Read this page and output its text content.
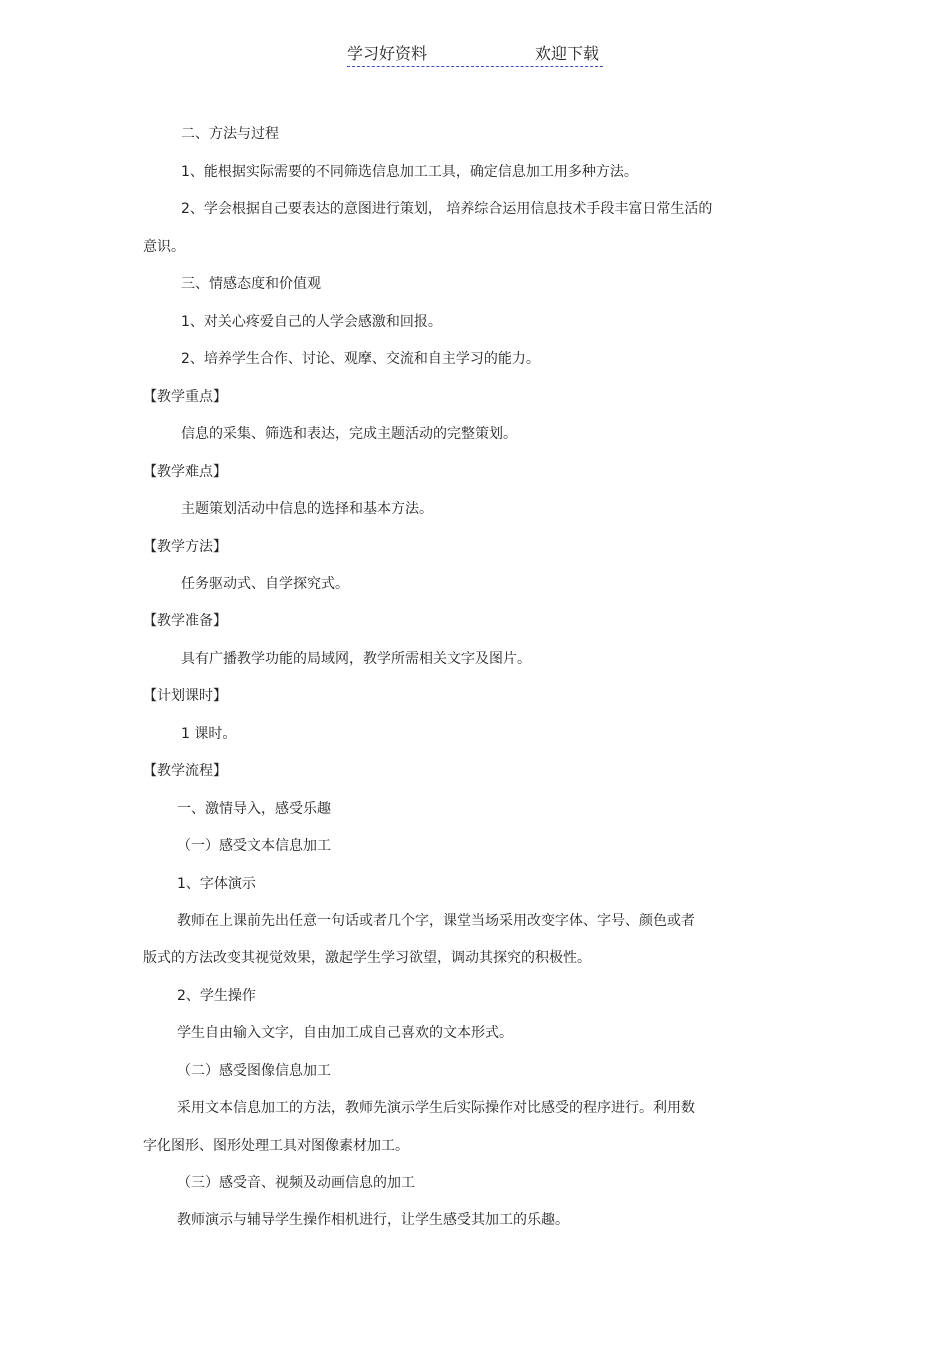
学习好资料	欢迎下载
二、方法与过程
1、能根据实际需要的不同筛选信息加工工具，确定信息加工用多种方法。
2、学会根据自己要表达的意图进行策划， 培养综合运用信息技术手段丰富日常生活的
意识。
三、情感态度和价值观
1、对关心疼爱自己的人学会感激和回报。
2、培养学生合作、讨论、观摩、交流和自主学习的能力。
【教学重点】
信息的采集、筛选和表达，完成主题活动的完整策划。
【教学难点】
主题策划活动中信息的选择和基本方法。
【教学方法】
任务驱动式、自学探究式。
【教学准备】
具有广播教学功能的局域网，教学所需相关文字及图片。
【计划课时】
1 课时。
【教学流程】
一、激情导入，感受乐趣
（一）感受文本信息加工
1、字体演示
教师在上课前先出任意一句话或者几个字，课堂当场采用改变字体、字号、颜色或者
版式的方法改变其视觉效果，激起学生学习欲望，调动其探究的积极性。
2、学生操作
学生自由输入文字，自由加工成自己喜欢的文本形式。
（二）感受图像信息加工
采用文本信息加工的方法，教师先演示学生后实际操作对比感受的程序进行。利用数
字化图形、图形处理工具对图像素材加工。
（三）感受音、视频及动画信息的加工
教师演示与辅导学生操作相机进行，让学生感受其加工的乐趣。
